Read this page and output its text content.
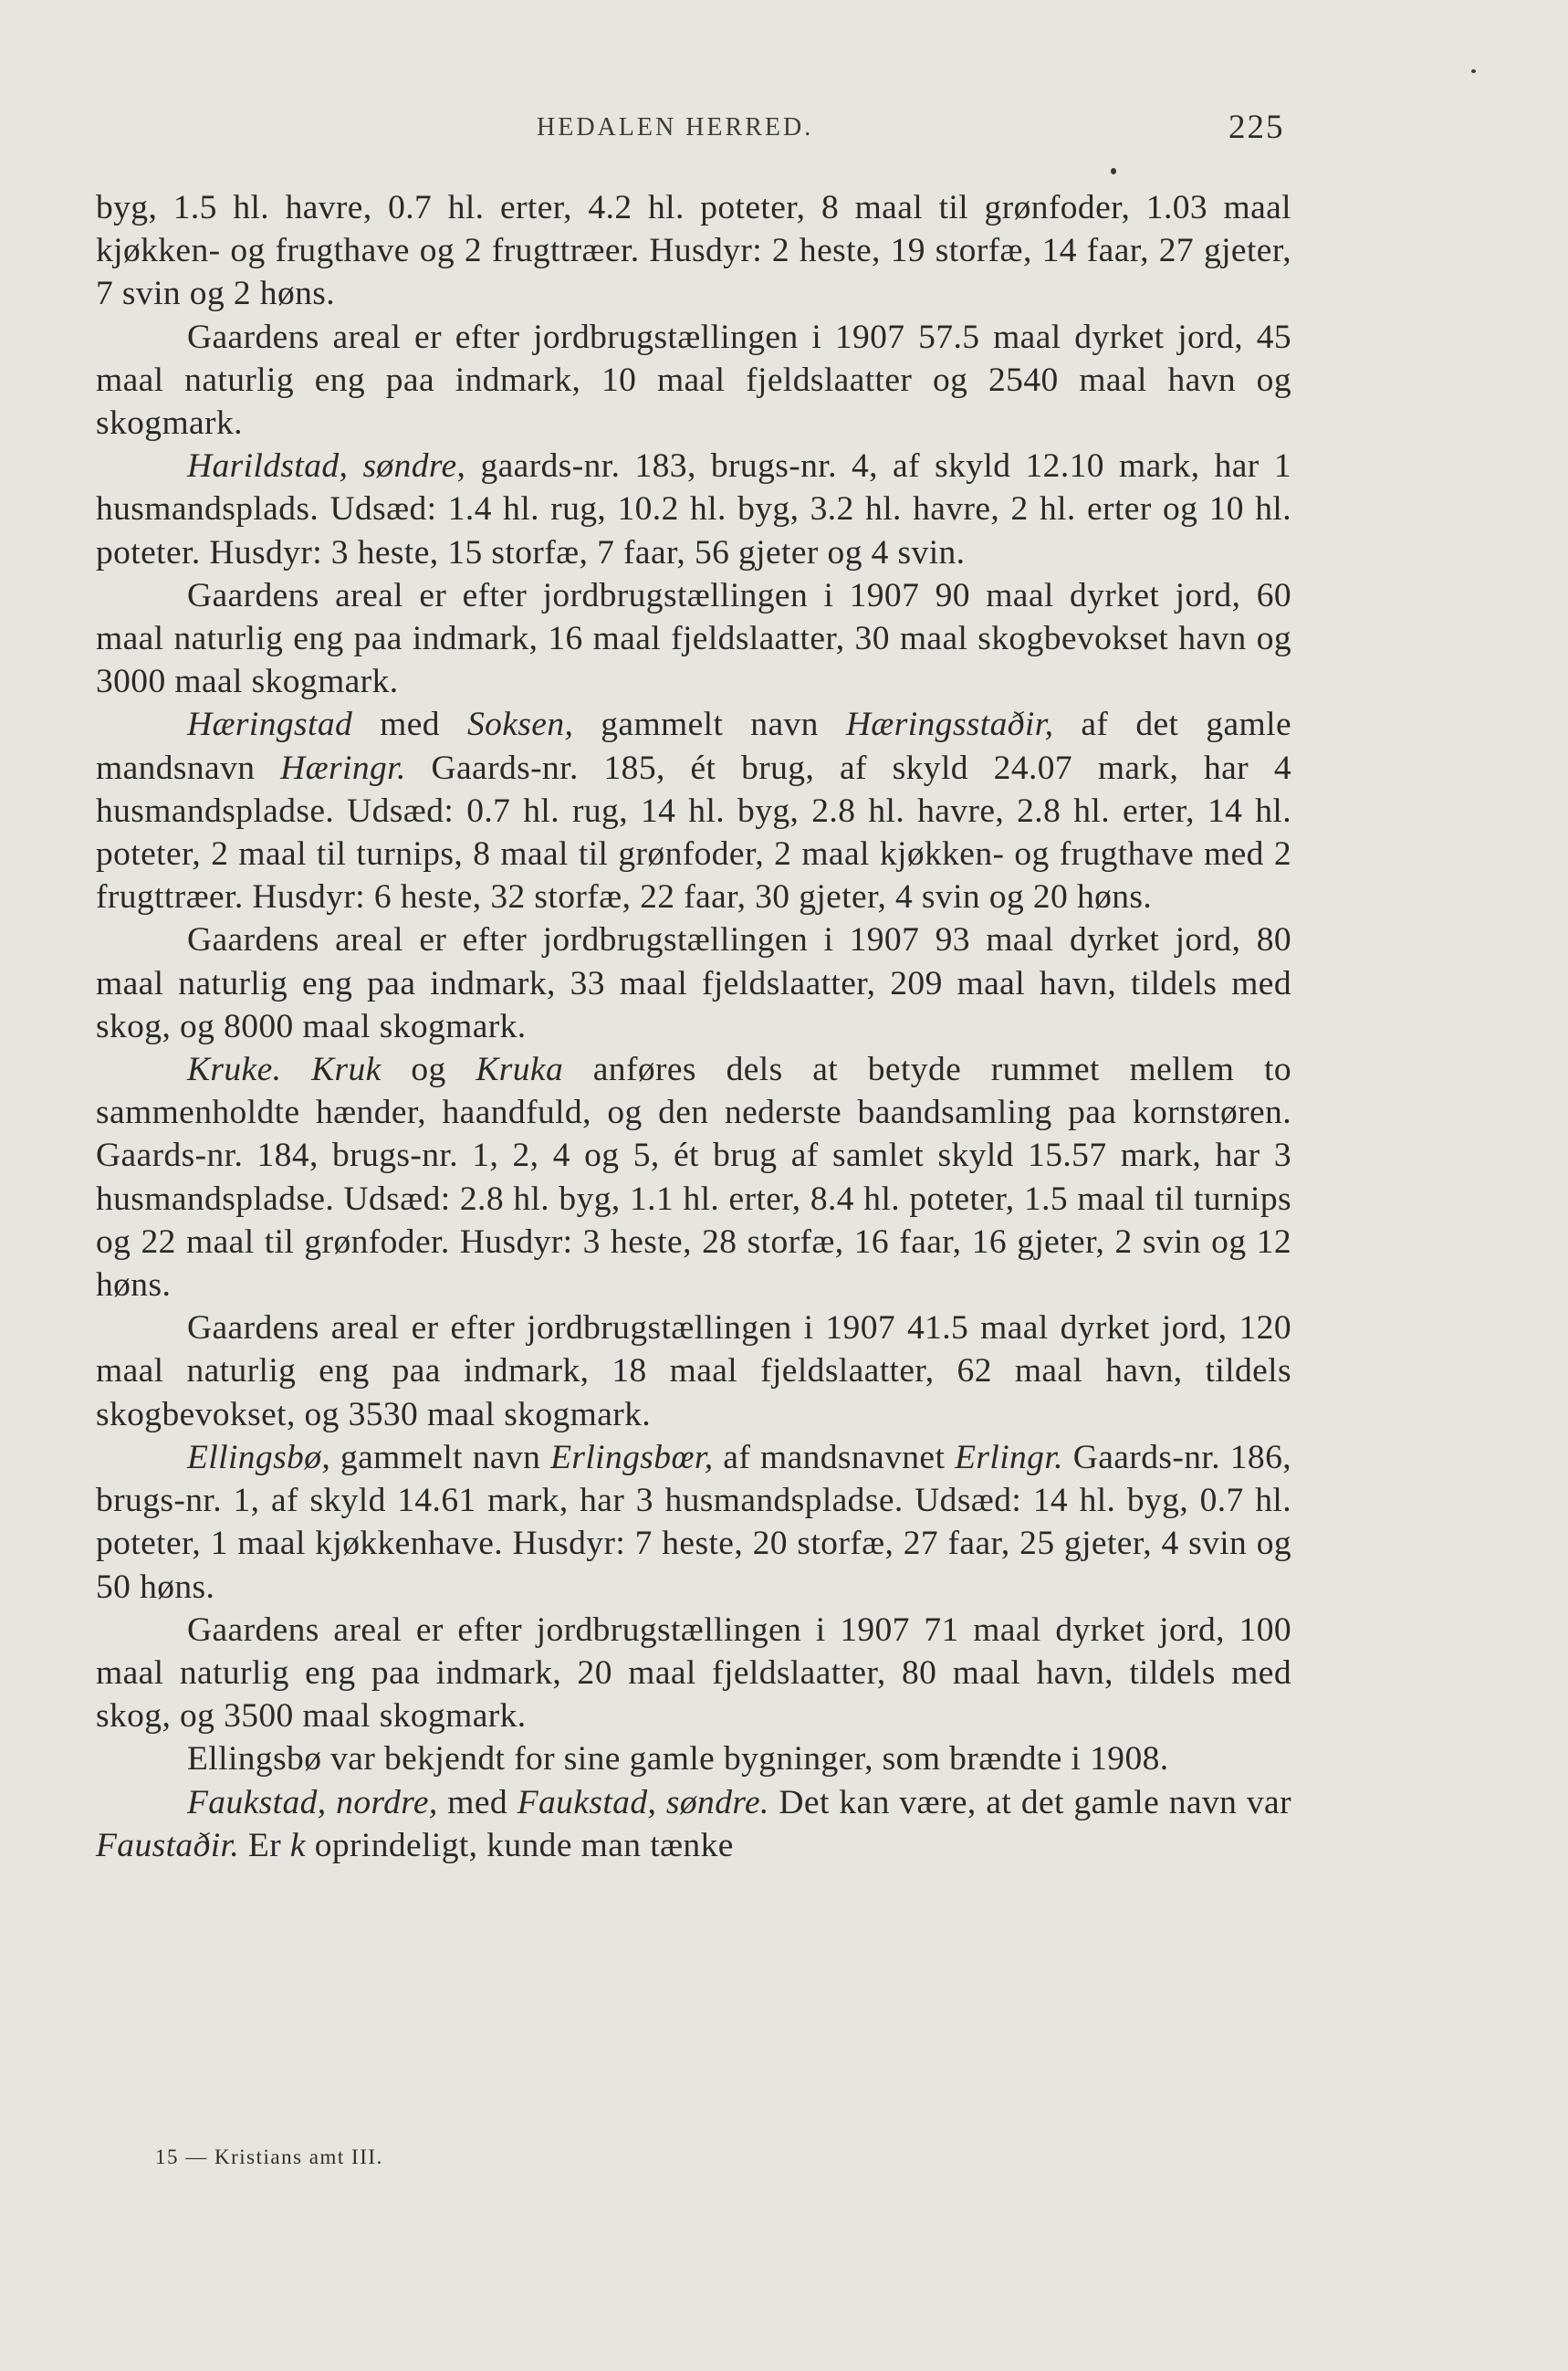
HEDALEN HERRED.	225

byg, 1.5 hl. havre, 0.7 hl. erter, 4.2 hl. poteter, 8 maal til grønfoder, 1.03 maal kjøkken- og frugthave og 2 frugttræer. Husdyr: 2 heste, 19 storfæ, 14 faar, 27 gjeter, 7 svin og 2 høns.

Gaardens areal er efter jordbrugstællingen i 1907 57.5 maal dyrket jord, 45 maal naturlig eng paa indmark, 10 maal fjeldslaatter og 2540 maal havn og skogmark.

Harildstad, søndre, gaards-nr. 183, brugs-nr. 4, af skyld 12.10 mark, har 1 husmandsplads. Udsæd: 1.4 hl. rug, 10.2 hl. byg, 3.2 hl. havre, 2 hl. erter og 10 hl. poteter. Husdyr: 3 heste, 15 storfæ, 7 faar, 56 gjeter og 4 svin.

Gaardens areal er efter jordbrugstællingen i 1907 90 maal dyrket jord, 60 maal naturlig eng paa indmark, 16 maal fjeldslaatter, 30 maal skogbevokset havn og 3000 maal skogmark.

Hæringstad med Soksen, gammelt navn Hæringsstaðir, af det gamle mandsnavn Hæringr. Gaards-nr. 185, ét brug, af skyld 24.07 mark, har 4 husmandspladse. Udsæd: 0.7 hl. rug, 14 hl. byg, 2.8 hl. havre, 2.8 hl. erter, 14 hl. poteter, 2 maal til turnips, 8 maal til grønfoder, 2 maal kjøkken- og frugthave med 2 frugttræer. Husdyr: 6 heste, 32 storfæ, 22 faar, 30 gjeter, 4 svin og 20 høns.

Gaardens areal er efter jordbrugstællingen i 1907 93 maal dyrket jord, 80 maal naturlig eng paa indmark, 33 maal fjeldslaatter, 209 maal havn, tildels med skog, og 8000 maal skogmark.

Kruke. Kruk og Kruka anføres dels at betyde rummet mellem to sammenholdte hænder, haandfuld, og den nederste baandsamling paa kornstøren. Gaards-nr. 184, brugs-nr. 1, 2, 4 og 5, ét brug af samlet skyld 15.57 mark, har 3 husmandspladse. Udsæd: 2.8 hl. byg, 1.1 hl. erter, 8.4 hl. poteter, 1.5 maal til turnips og 22 maal til grønfoder. Husdyr: 3 heste, 28 storfæ, 16 faar, 16 gjeter, 2 svin og 12 høns.

Gaardens areal er efter jordbrugstællingen i 1907 41.5 maal dyrket jord, 120 maal naturlig eng paa indmark, 18 maal fjeldslaatter, 62 maal havn, tildels skogbevokset, og 3530 maal skogmark.

Ellingsbø, gammelt navn Erlingsbœr, af mandsnavnet Erlingr. Gaards-nr. 186, brugs-nr. 1, af skyld 14.61 mark, har 3 husmandspladse. Udsæd: 14 hl. byg, 0.7 hl. poteter, 1 maal kjøkkenhave. Husdyr: 7 heste, 20 storfæ, 27 faar, 25 gjeter, 4 svin og 50 høns.

Gaardens areal er efter jordbrugstællingen i 1907 71 maal dyrket jord, 100 maal naturlig eng paa indmark, 20 maal fjeldslaatter, 80 maal havn, tildels med skog, og 3500 maal skogmark.

Ellingsbø var bekjendt for sine gamle bygninger, som brændte i 1908.

Faukstad, nordre, med Faukstad, søndre. Det kan være, at det gamle navn var Faustaðir. Er k oprindeligt, kunde man tænke

15 — Kristians amt III.
